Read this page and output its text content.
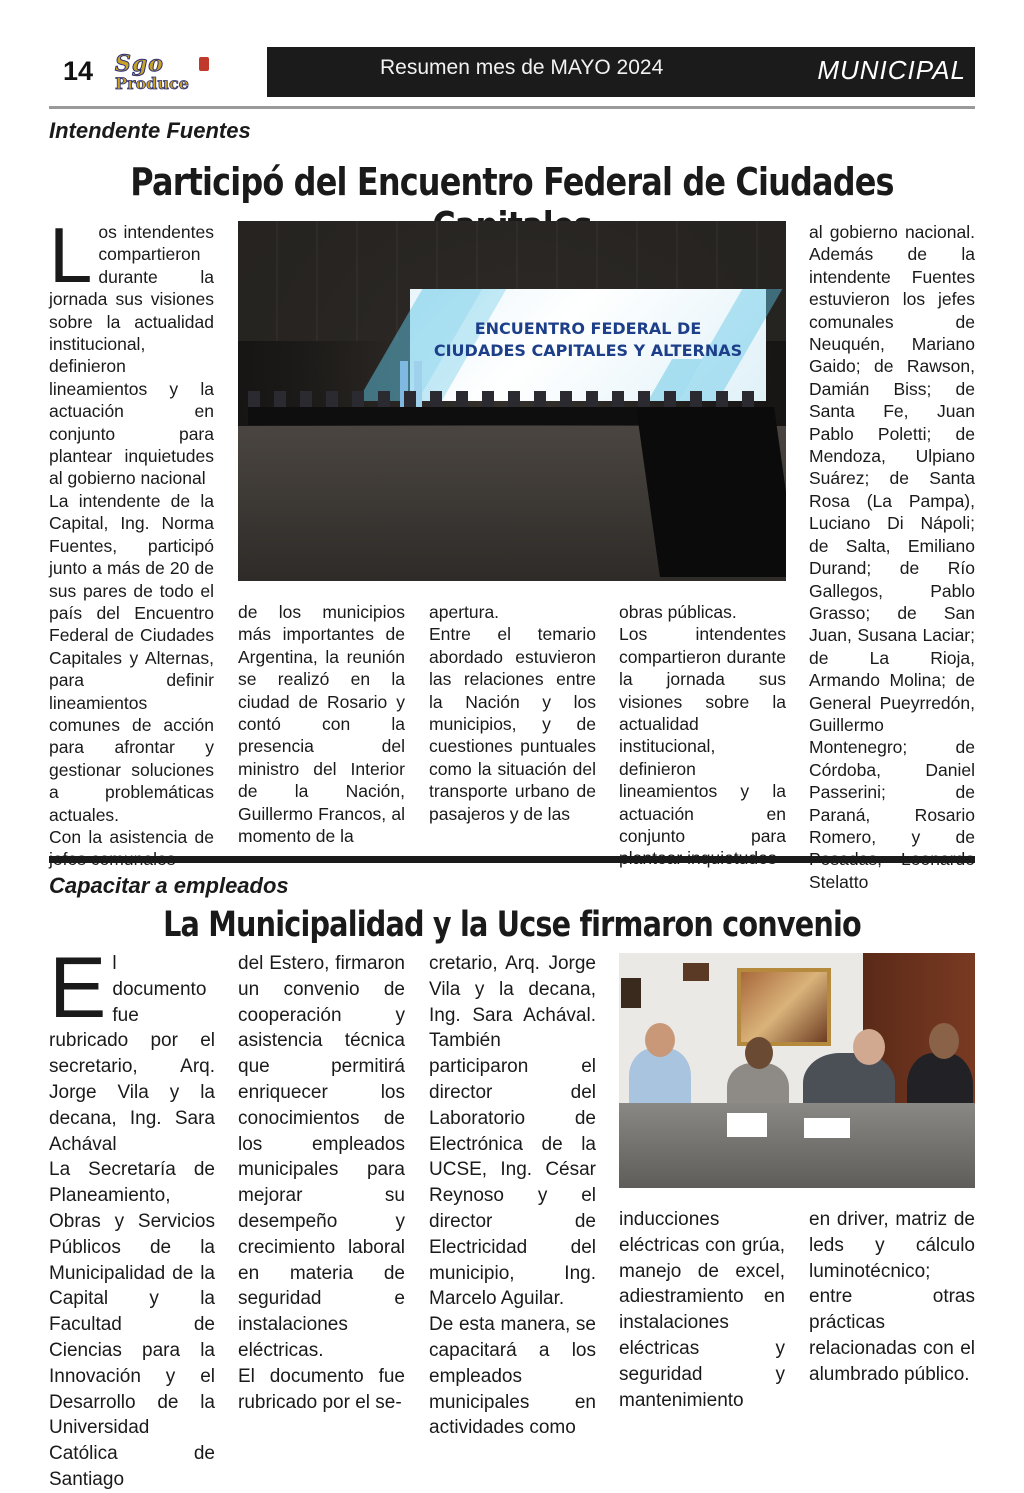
14 Sgo
Produce
Resumen mes de MAYO 2024	MUNICIPAL
Intendente Fuentes
Participó del Encuentro Federal de Ciudades

Los intendentes compartieron durante la jornada sus visiones sobre la actualidad institucional, definieron lineamientos y la actuación en conjunto para plantear inquietudes al gobierno nacional

La intendente de la Capital, Ing. Norma Fuentes, participó junto a más de 20 de sus pares de todo el país del Encuentro Federal de Ciudades Capitales y Alternas, para definir lineamientos comunes de acción para afrontar y gestionar soluciones a problemáticas actuales.

Con la asistencia de

ENCUENTRO FEDERAL DE
CIUDADES CAPITALES Y ALTERNAS

de los municipios más importantes de Argentina, la reunión se realizó en la ciudad de Rosario y contó con la presencia del ministro del Interior de la Nación, Guillermo Francos, al momento de la

apertura.

Entre el temario abordado estuvieron las relaciones entre la Nación y los municipios, y de cuestiones puntuales como la situación del transporte urbano de pasajeros y de las

obras públicas.

Los intendentes compartieron durante la jornada sus visiones sobre la actualidad institucional, definieron lineamientos y la actuación en conjunto para

al gobierno nacional. Además de la intendente Fuentes estuvieron los jefes comunales de Neuquén, Mariano Gaido; de Rawson, Damián Biss; de Santa Fe, Juan Pablo Poletti; de Mendoza, Ulpiano Suárez; de Santa Rosa (La Pampa), Luciano Di Nápoli; de Salta, Emiliano Durand; de Río Gallegos, Pablo Grasso; de San Juan, Susana Laciar; de La Rioja, Armando Molina; de General Pueyrredón, Guillermo Montenegro; de Córdoba, Daniel Passerini; de Paraná, Rosario Romero, y de Stelatto

Capacitar a empleados
La Municipalidad y la Ucse firmaron convenio

El documento fue rubricado por el secretario, Arq. Jorge Vila y la decana, Ing. Sara Achával

La Secretaría de Planeamiento, Obras y Servicios Públicos de la Municipalidad de la Capital y la Facultad de Ciencias para la Innovación y el Desarrollo de la Universidad Católica de Santiago

del Estero, firmaron un convenio de cooperación y asistencia técnica que permitirá enriquecer los conocimientos de los empleados municipales para mejorar su desempeño y crecimiento laboral en materia de seguridad e instalaciones eléctricas.

El documento fue rubricado por el se-

cretario, Arq. Jorge Vila y la decana, Ing. Sara Achával. También participaron el director del Laboratorio de Electrónica de la UCSE, Ing. César Reynoso y el director de Electricidad del municipio, Ing. Marcelo Aguilar.

De esta manera, se capacitará a los empleados municipales en actividades como

inducciones eléctricas con grúa, manejo de excel, adiestramiento en instalaciones eléctricas y seguridad y mantenimiento

en driver, matriz de leds y cálculo luminotécnico; entre otras prácticas relacionadas con el alumbrado público.
